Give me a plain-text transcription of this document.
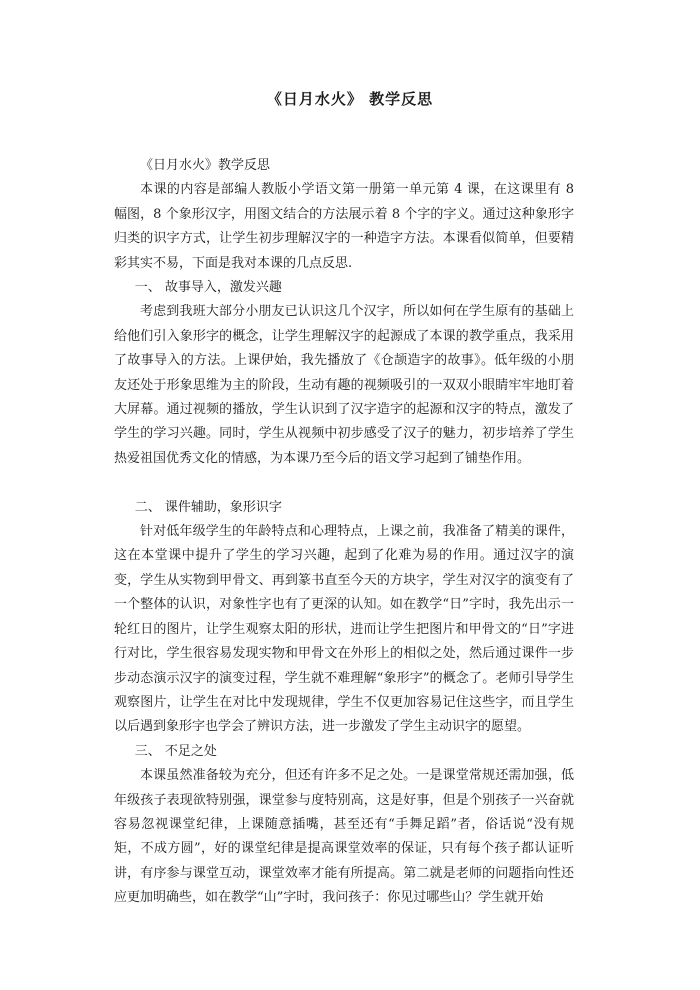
《日月水火》 教学反思

《日月水火》教学反思

本课的内容是部编人教版小学语文第一册第一单元第 4 课，在这课里有 8 幅图，8 个象形汉字，用图文结合的方法展示着 8 个字的字义。通过这种象形字归类的识字方式，让学生初步理解汉字的一种造字方法。本课看似简单，但要精彩其实不易，下面是我对本课的几点反思.

一、 故事导入，激发兴趣

考虑到我班大部分小朋友已认识这几个汉字，所以如何在学生原有的基础上给他们引入象形字的概念，让学生理解汉字的起源成了本课的教学重点，我采用了故事导入的方法。上课伊始，我先播放了《仓颉造字的故事》。低年级的小朋友还处于形象思维为主的阶段，生动有趣的视频吸引的一双双小眼睛牢牢地盯着大屏幕。通过视频的播放，学生认识到了汉字造字的起源和汉字的特点，激发了学生的学习兴趣。同时，学生从视频中初步感受了汉子的魅力，初步培养了学生热爱祖国优秀文化的情感，为本课乃至今后的语文学习起到了铺垫作用。

二、 课件辅助，象形识字

针对低年级学生的年龄特点和心理特点，上课之前，我准备了精美的课件，这在本堂课中提升了学生的学习兴趣，起到了化难为易的作用。通过汉字的演变，学生从实物到甲骨文、再到篆书直至今天的方块字，学生对汉字的演变有了一个整体的认识，对象性字也有了更深的认知。如在教学“日”字时，我先出示一轮红日的图片，让学生观察太阳的形状，进而让学生把图片和甲骨文的“日”字进行对比，学生很容易发现实物和甲骨文在外形上的相似之处，然后通过课件一步步动态演示汉字的演变过程，学生就不难理解“象形字”的概念了。老师引导学生观察图片，让学生在对比中发现规律，学生不仅更加容易记住这些字，而且学生以后遇到象形字也学会了辨识方法，进一步激发了学生主动识字的愿望。

三、 不足之处

本课虽然准备较为充分，但还有许多不足之处。一是课堂常规还需加强，低年级孩子表现欲特别强，课堂参与度特别高，这是好事，但是个别孩子一兴奋就容易忽视课堂纪律，上课随意插嘴，甚至还有“手舞足蹈”者，俗话说“没有规矩，不成方圆”，好的课堂纪律是提高课堂效率的保证，只有每个孩子都认证听讲，有序参与课堂互动，课堂效率才能有所提高。第二就是老师的问题指向性还应更加明确些，如在教学“山”字时，我问孩子：你见过哪些山？学生就开始
